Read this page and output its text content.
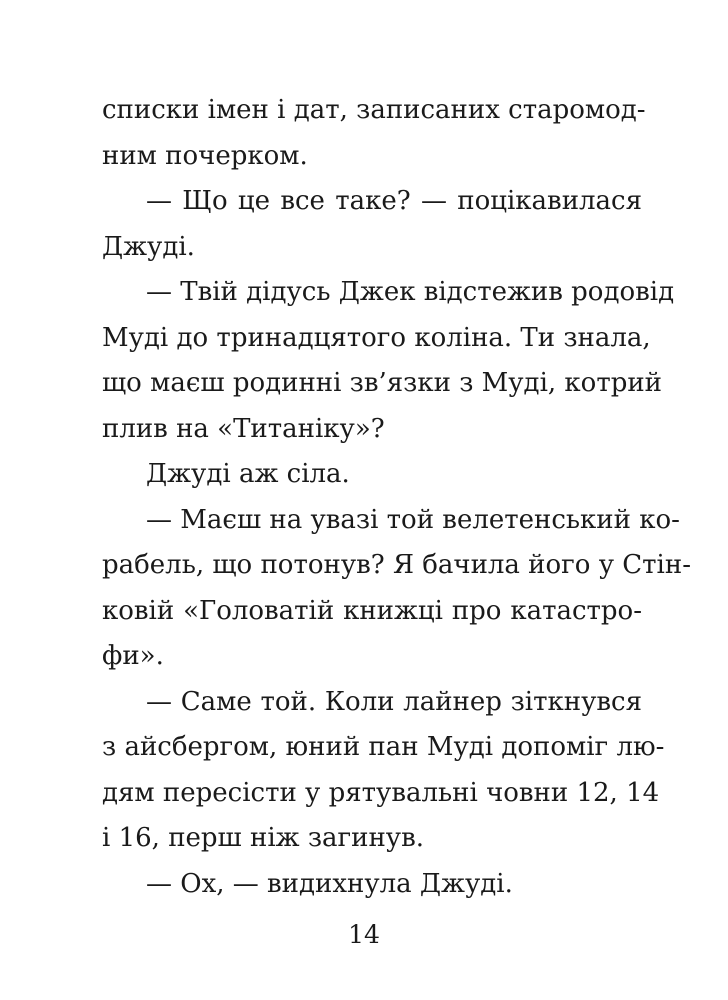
списки імен і дат, записаних старомод-
ним почерком.
— Що це все таке? — поцікавилася
Джуді.
— Твій дідусь Джек відстежив родовід
Муді до тринадцятого коліна. Ти знала,
що маєш родинні зв’язки з Муді, котрий
плив на «Титаніку»?
Джуді аж сіла.
— Маєш на увазі той велетенський ко-
рабель, що потонув? Я бачила його у Стін-
ковій «Головатій книжці про катастро-
фи».
— Саме той. Коли лайнер зіткнувся
з айсбергом, юний пан Муді допоміг лю-
дям пересісти у рятувальні човни 12, 14
і 16, перш ніж загинув.
— Ох, — видихнула Джуді.
14
